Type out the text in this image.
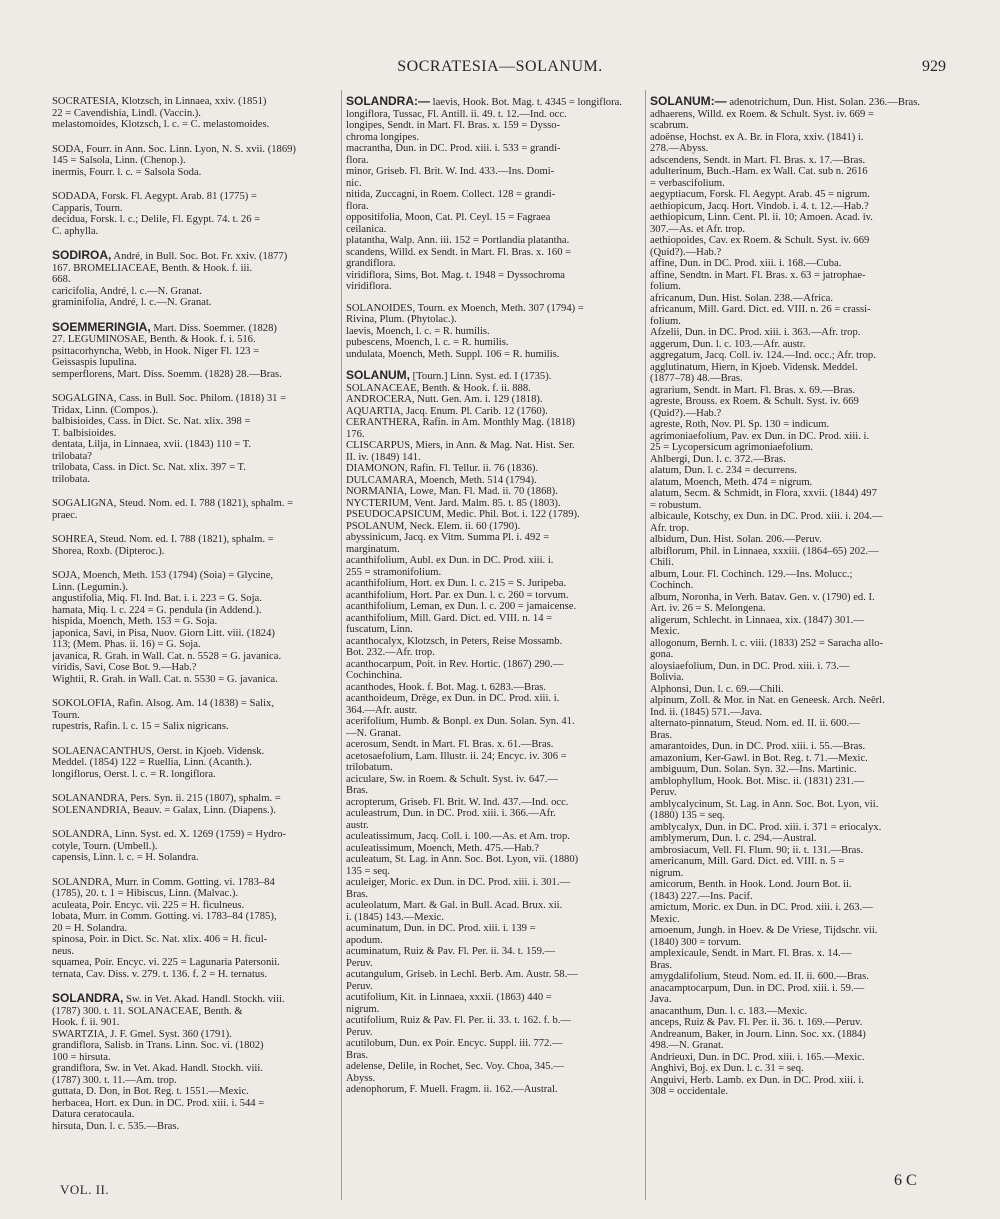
SOCRATESIA—SOLANUM.	929
SOCRATESIA, Klotzsch, in Linnaea, xxiv. (1851)
22 = Cavendishia, Lindl. (Vaccin.).
melastomoides, Klotzsch, l. c. = C. melastomoides.
SODA, Fourr. in Ann. Soc. Linn. Lyon, N. S. xvii. (1869)
145 = Salsola, Linn. (Chenop.).
inermis, Fourr. l. c. = Salsola Soda.
SODADA, Forsk. Fl. Aegypt. Arab. 81 (1775) =
Capparis, Tourn.
decidua, Forsk. l. c.; Delile, Fl. Egypt. 74. t. 26 =
C. aphylla.
SODIROA, André, in Bull. Soc. Bot. Fr. xxiv. (1877)
167. BROMELIACEAE, Benth. & Hook. f. iii.
668.
caricifolia, André, l. c.—N. Granat.
graminifolia, André, l. c.—N. Granat.
SOEMMERINGIA, Mart. Diss. Soemmer. (1828)
27. LEGUMINOSAE, Benth. & Hook. f. i. 516.
psittacorhyncha, Webb, in Hook. Niger Fl. 123 =
Geissaspis lupulina.
semperflorens, Mart. Diss. Soemm. (1828) 28.—Bras.
SOGALGINA, Cass. in Bull. Soc. Philom. (1818) 31 =
Tridax, Linn. (Compos.).
balbisioides, Cass. in Dict. Sc. Nat. xlix. 398 =
T. balbisioides.
dentata, Lilja, in Linnaea, xvii. (1843) 110 = T.
trilobata?
trilobata, Cass. in Dict. Sc. Nat. xlix. 397 = T.
trilobata.
SOGALIGNA, Steud. Nom. ed. I. 788 (1821), sphalm. =
praec.
SOHREA, Steud. Nom. ed. I. 788 (1821), sphalm. =
Shorea, Roxb. (Dipteroc.).
SOJA, Moench, Meth. 153 (1794) (Soia) = Glycine,
Linn. (Legumin.).
angustifolia, Miq. Fl. Ind. Bat. i. i. 223 = G. Soja.
hamata, Miq. l. c. 224 = G. pendula (in Addend.).
hispida, Moench, Meth. 153 = G. Soja.
japonica, Savi, in Pisa, Nuov. Giorn Litt. viii. (1824)
113; (Mem. Phas. ii. 16) = G. Soja.
javanica, R. Grah. in Wall. Cat. n. 5528 = G. javanica.
viridis, Savi, Cose Bot. 9.—Hab.?
Wightii, R. Grah. in Wall. Cat. n. 5530 = G. javanica.
SOKOLOFIA, Rafin. Alsog. Am. 14 (1838) = Salix,
Tourn.
rupestris, Rafin. l. c. 15 = Salix nigricans.
SOLAENACANTHUS, Oerst. in Kjoeb. Vidensk.
Meddel. (1854) 122 = Ruellia, Linn. (Acanth.).
longiflorus, Oerst. l. c. = R. longiflora.
SOLANANDRA, Pers. Syn. ii. 215 (1807), sphalm. =
SOLENANDRIA, Beauv. = Galax, Linn. (Diapens.).
SOLANDRA, Linn. Syst. ed. X. 1269 (1759) = Hydro-
cotyle, Tourn. (Umbell.).
capensis, Linn. l. c. = H. Solandra.
SOLANDRA, Murr. in Comm. Gotting. vi. 1783–84
(1785), 20. t. 1 = Hibiscus, Linn. (Malvac.).
aculeata, Poir. Encyc. vii. 225 = H. ficulneus.
lobata, Murr. in Comm. Gotting. vi. 1783–84 (1785),
20 = H. Solandra.
spinosa, Poir. in Dict. Sc. Nat. xlix. 406 = H. ficul-
neus.
squamea, Poir. Encyc. vi. 225 = Lagunaria Patersonii.
ternata, Cav. Diss. v. 279. t. 136. f. 2 = H. ternatus.
SOLANDRA, Sw. in Vet. Akad. Handl. Stockh. viii.
(1787) 300. t. 11. SOLANACEAE, Benth. &
Hook. f. ii. 901.
SWARTZIA, J. F. Gmel. Syst. 360 (1791).
grandiflora, Salisb. in Trans. Linn. Soc. vi. (1802)
100 = hirsuta.
grandiflora, Sw. in Vet. Akad. Handl. Stockh. viii.
(1787) 300. t. 11.—Am. trop.
guttata, D. Don, in Bot. Reg. t. 1551.—Mexic.
herbacea, Hort. ex Dun. in DC. Prod. xiii. i. 544 =
Datura ceratocaula.
hirsuta, Dun. l. c. 535.—Bras.
SOLANDRA:— laevis, Hook. Bot. Mag. t. 4345 = longiflora.
longiflora, Tussac, Fl. Antill. ii. 49. t. 12.—Ind. occ.
longipes, Sendt. in Mart. Fl. Bras. x. 159 = Dysso-
chroma longipes.
macrantha, Dun. in DC. Prod. xiii. i. 533 = grandi-
flora.
minor, Griseb. Fl. Brit. W. Ind. 433.—Ins. Domi-
nic.
nitida, Zuccagni, in Roem. Collect. 128 = grandi-
flora.
oppositifolia, Moon, Cat. Pl. Ceyl. 15 = Fagraea
ceilanica.
platantha, Walp. Ann. iii. 152 = Portlandia platantha.
scandens, Willd. ex Sendt. in Mart. Fl. Bras. x. 160 =
grandiflora.
viridiflora, Sims, Bot. Mag. t. 1948 = Dyssochroma
viridiflora.
SOLANOIDES, Tourn. ex Moench, Meth. 307 (1794) =
Rivina, Plum. (Phytolac.).
laevis, Moench, l. c. = R. humilis.
pubescens, Moench, l. c. = R. humilis.
undulata, Moench, Meth. Suppl. 106 = R. humilis.
SOLANUM, [Tourn.] Linn. Syst. ed. I (1735).
SOLANACEAE, Benth. & Hook. f. ii. 888.
ANDROCERA, Nutt. Gen. Am. i. 129 (1818).
AQUARTIA, Jacq. Enum. Pl. Carib. 12 (1760).
CERANTHERA, Rafin. in Am. Monthly Mag. (1818)
176.
CLISCARPUS, Miers, in Ann. & Mag. Nat. Hist. Ser.
II. iv. (1849) 141.
DIAMONON, Rafin. Fl. Tellur. ii. 76 (1836).
DULCAMARA, Moench, Meth. 514 (1794).
NORMANIA, Lowe, Man. Fl. Mad. ii. 70 (1868).
NYCTERIUM, Vent. Jard. Malm. 85. t. 85 (1803).
PSEUDOCAPSICUM, Medic. Phil. Bot. i. 122 (1789).
PSOLANUM, Neck. Elem. ii. 60 (1790).
abyssinicum, Jacq. ex Vitm. Summa Pl. i. 492 =
marginatum.
acanthifolium, Aubl. ex Dun. in DC. Prod. xiii. i.
255 = stramonifolium.
acanthifolium, Hort. ex Dun. l. c. 215 = S. Juripeba.
acanthifolium, Hort. Par. ex Dun. l. c. 260 = torvum.
acanthifolium, Leman, ex Dun. l. c. 200 = jamaicense.
acanthifolium, Mill. Gard. Dict. ed. VIII. n. 14 =
fuscatum, Linn.
acanthocalyx, Klotzsch, in Peters, Reise Mossamb.
Bot. 232.—Afr. trop.
acanthocarpum, Poit. in Rev. Hortic. (1867) 290.—
Cochinchina.
acanthodes, Hook. f. Bot. Mag. t. 6283.—Bras.
acanthoideum, Drège, ex Dun. in DC. Prod. xiii. i.
364.—Afr. austr.
acerifolium, Humb. & Bonpl. ex Dun. Solan. Syn. 41.
—N. Granat.
acerosum, Sendt. in Mart. Fl. Bras. x. 61.—Bras.
acetosaefolium, Lam. Illustr. ii. 24; Encyc. iv. 306 =
trilobatum.
aciculare, Sw. in Roem. & Schult. Syst. iv. 647.—
Bras.
acropterum, Griseb. Fl. Brit. W. Ind. 437.—Ind. occ.
aculeastrum, Dun. in DC. Prod. xiii. i. 366.—Afr.
austr.
aculeatissimum, Jacq. Coll. i. 100.—As. et Am. trop.
aculeatissimum, Moench, Meth. 475.—Hab.?
aculeatum, St. Lag. in Ann. Soc. Bot. Lyon, vii. (1880)
135 = seq.
aculeiger, Moric. ex Dun. in DC. Prod. xiii. i. 301.—
Bras.
aculeolatum, Mart. & Gal. in Bull. Acad. Brux. xii.
i. (1845) 143.—Mexic.
acuminatum, Dun. in DC. Prod. xiii. i. 139 =
apodum.
acuminatum, Ruiz & Pav. Fl. Per. ii. 34. t. 159.—
Peruv.
acutangulum, Griseb. in Lechl. Berb. Am. Austr. 58.—
Peruv.
acutifolium, Kit. in Linnaea, xxxii. (1863) 440 =
nigrum.
acutifolium, Ruiz & Pav. Fl. Per. ii. 33. t. 162. f. b.—
Peruv.
acutilobum, Dun. ex Poir. Encyc. Suppl. iii. 772.—
Bras.
adelense, Delile, in Rochet, Sec. Voy. Choa, 345.—
Abyss.
adenophorum, F. Muell. Fragm. ii. 162.—Austral.
SOLANUM:— adenotrichum, Dun. Hist. Solan. 236.—Bras.
adhaerens, Willd. ex Roem. & Schult. Syst. iv. 669 =
scabrum.
adoënse, Hochst. ex A. Br. in Flora, xxiv. (1841) i.
278.—Abyss.
adscendens, Sendt. in Mart. Fl. Bras. x. 17.—Bras.
adulterinum, Buch.-Ham. ex Wall. Cat. sub n. 2616
= verbascifolium.
aegyptiacum, Forsk. Fl. Aegypt. Arab. 45 = nigrum.
aethiopicum, Jacq. Hort. Vindob. i. 4. t. 12.—Hab.?
aethiopicum, Linn. Cent. Pl. ii. 10; Amoen. Acad. iv.
307.—As. et Afr. trop.
aethiopoides, Cav. ex Roem. & Schult. Syst. iv. 669
(Quid?).—Hab.?
affine, Dun. in DC. Prod. xiii. i. 168.—Cuba.
affine, Sendtn. in Mart. Fl. Bras. x. 63 = jatrophae-
folium.
africanum, Dun. Hist. Solan. 238.—Africa.
africanum, Mill. Gard. Dict. ed. VIII. n. 26 = crassi-
folium.
Afzelii, Dun. in DC. Prod. xiii. i. 363.—Afr. trop.
aggerum, Dun. l. c. 103.—Afr. austr.
aggregatum, Jacq. Coll. iv. 124.—Ind. occ.; Afr. trop.
agglutinatum, Hiern, in Kjoeb. Vidensk. Meddel.
(1877–78) 48.—Bras.
agrarium, Sendt. in Mart. Fl. Bras. x. 69.—Bras.
agreste, Brouss. ex Roem. & Schult. Syst. iv. 669
(Quid?).—Hab.?
agreste, Roth, Nov. Pl. Sp. 130 = indicum.
agrimoniaefolium, Pav. ex Dun. in DC. Prod. xiii. i.
25 = Lycopersicum agrimoniaefolium.
Ahlbergi, Dun. l. c. 372.—Bras.
alatum, Dun. l. c. 234 = decurrens.
alatum, Moench, Meth. 474 = nigrum.
alatum, Secm. & Schmidt, in Flora, xxvii. (1844) 497
= robustum.
albicaule, Kotschy, ex Dun. in DC. Prod. xiii. i. 204.—
Afr. trop.
albidum, Dun. Hist. Solan. 206.—Peruv.
albiflorum, Phil. in Linnaea, xxxiii. (1864–65) 202.—
Chili.
album, Lour. Fl. Cochinch. 129.—Ins. Molucc.;
Cochinch.
album, Noronha, in Verh. Batav. Gen. v. (1790) ed. I.
Art. iv. 26 = S. Melongena.
aligerum, Schlecht. in Linnaea, xix. (1847) 301.—
Mexic.
allogonum, Bernh. l. c. viii. (1833) 252 = Saracha allo-
gona.
aloysiaefolium, Dun. in DC. Prod. xiii. i. 73.—
Bolivia.
Alphonsi, Dun. l. c. 69.—Chili.
alpinum, Zoll. & Mor. in Nat. en Geneesk. Arch. Neêrl.
Ind. ii. (1845) 571.—Java.
alternato-pinnatum, Steud. Nom. ed. II. ii. 600.—
Bras.
amarantoides, Dun. in DC. Prod. xiii. i. 55.—Bras.
amazonium, Ker-Gawl. in Bot. Reg. t. 71.—Mexic.
ambiguum, Dun. Solan. Syn. 32.—Ins. Martinic.
amblophyllum, Hook. Bot. Misc. ii. (1831) 231.—
Peruv.
amblycalycinum, St. Lag. in Ann. Soc. Bot. Lyon, vii.
(1880) 135 = seq.
amblycalyx, Dun. in DC. Prod. xiii. i. 371 = eriocalyx.
amblymerum, Dun. l. c. 294.—Austral.
ambrosiacum, Vell. Fl. Flum. 90; ii. t. 131.—Bras.
americanum, Mill. Gard. Dict. ed. VIII. n. 5 =
nigrum.
amicorum, Benth. in Hook. Lond. Journ Bot. ii.
(1843) 227.—Ins. Pacif.
amictum, Moric. ex Dun. in DC. Prod. xiii. i. 263.—
Mexic.
amoenum, Jungh. in Hoev. & De Vriese, Tijdschr. vii.
(1840) 300 = torvum.
amplexicaule, Sendt. in Mart. Fl. Bras. x. 14.—
Bras.
amygdalifolium, Steud. Nom. ed. II. ii. 600.—Bras.
anacamptocarpum, Dun. in DC. Prod. xiii. i. 59.—
Java.
anacanthum, Dun. l. c. 183.—Mexic.
anceps, Ruiz & Pav. Fl. Per. ii. 36. t. 169.—Peruv.
Andreanum, Baker, in Journ. Linn. Soc. xx. (1884)
498.—N. Granat.
Andrieuxi, Dun. in DC. Prod. xiii. i. 165.—Mexic.
Anghivi, Boj. ex Dun. l. c. 31 = seq.
Anguivi, Herb. Lamb. ex Dun. in DC. Prod. xiii. i.
308 = occidentale.
VOL. II.
6 C
